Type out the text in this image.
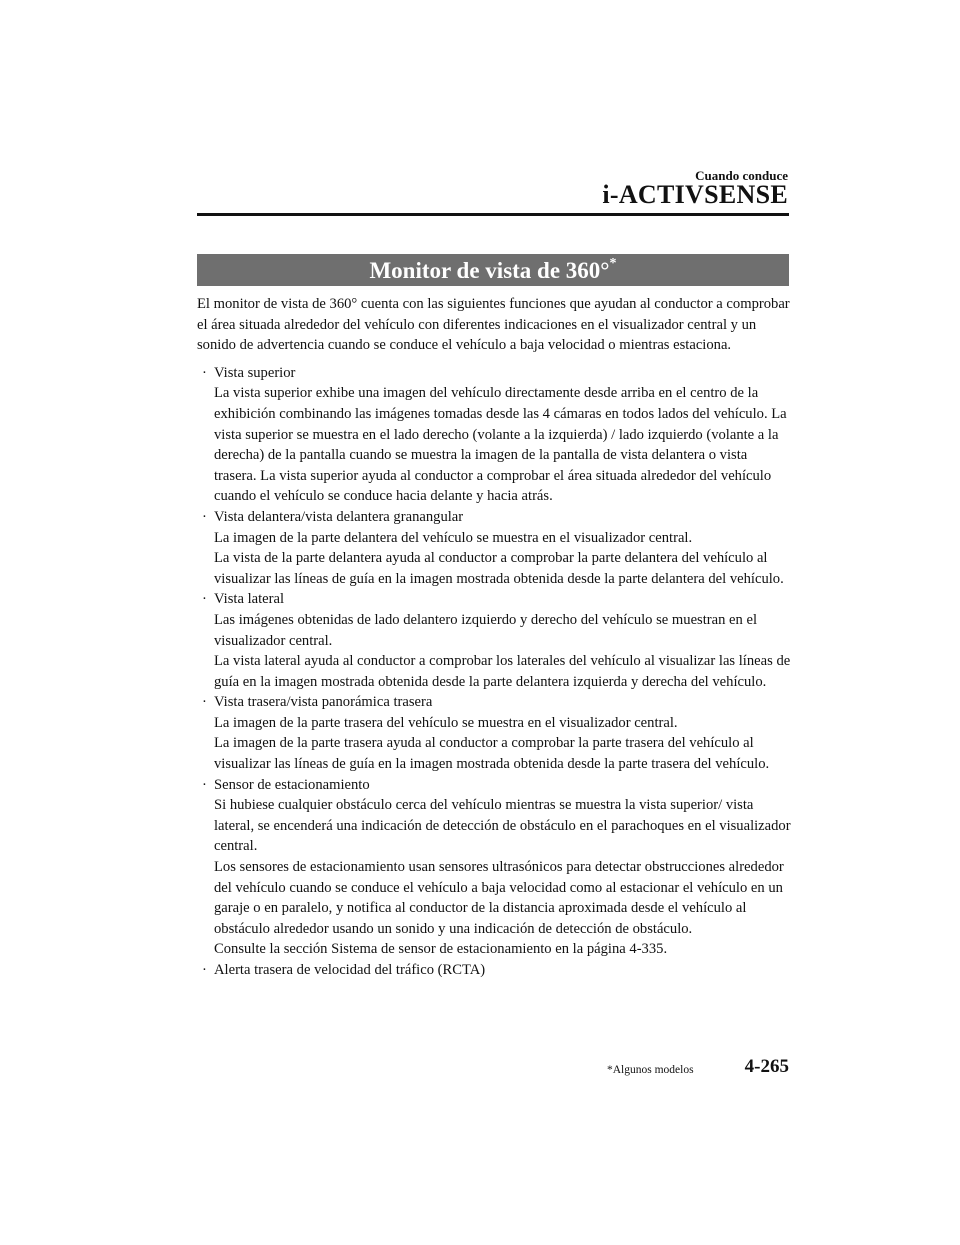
Cuando conduce
i-ACTIVSENSE
Monitor de vista de 360°*

El monitor de vista de 360° cuenta con las siguientes funciones que ayudan al conductor a comprobar el área situada alrededor del vehículo con diferentes indicaciones en el visualizador central y un sonido de advertencia cuando se conduce el vehículo a baja velocidad o mientras estaciona.

· Vista superior
La vista superior exhibe una imagen del vehículo directamente desde arriba en el centro de la exhibición combinando las imágenes tomadas desde las 4 cámaras en todos lados del vehículo. La vista superior se muestra en el lado derecho (volante a la izquierda) / lado izquierdo (volante a la derecha) de la pantalla cuando se muestra la imagen de la pantalla de vista delantera o vista trasera. La vista superior ayuda al conductor a comprobar el área situada alrededor del vehículo cuando el vehículo se conduce hacia delante y hacia atrás.
· Vista delantera/vista delantera granangular
La imagen de la parte delantera del vehículo se muestra en el visualizador central.
La vista de la parte delantera ayuda al conductor a comprobar la parte delantera del vehículo al visualizar las líneas de guía en la imagen mostrada obtenida desde la parte delantera del vehículo.
· Vista lateral
Las imágenes obtenidas de lado delantero izquierdo y derecho del vehículo se muestran en el visualizador central.
La vista lateral ayuda al conductor a comprobar los laterales del vehículo al visualizar las líneas de guía en la imagen mostrada obtenida desde la parte delantera izquierda y derecha del vehículo.
· Vista trasera/vista panorámica trasera
La imagen de la parte trasera del vehículo se muestra en el visualizador central.
La imagen de la parte trasera ayuda al conductor a comprobar la parte trasera del vehículo al visualizar las líneas de guía en la imagen mostrada obtenida desde la parte trasera del vehículo.
· Sensor de estacionamiento
Si hubiese cualquier obstáculo cerca del vehículo mientras se muestra la vista superior/ vista lateral, se encenderá una indicación de detección de obstáculo en el parachoques en el visualizador central.
Los sensores de estacionamiento usan sensores ultrasónicos para detectar obstrucciones alrededor del vehículo cuando se conduce el vehículo a baja velocidad como al estacionar el vehículo en un garaje o en paralelo, y notifica al conductor de la distancia aproximada desde el vehículo al obstáculo alrededor usando un sonido y una indicación de detección de obstáculo.
Consulte la sección Sistema de sensor de estacionamiento en la página 4-335.
· Alerta trasera de velocidad del tráfico (RCTA)
*Algunos modelos	4-265
